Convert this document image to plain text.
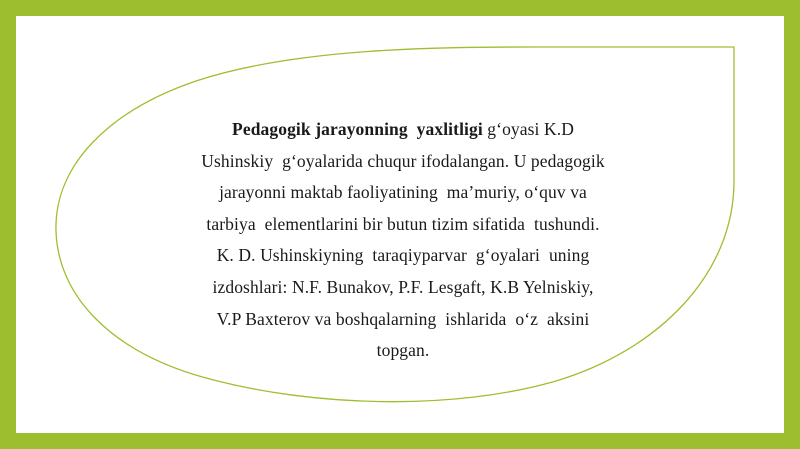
Pedagogik jarayonning  yaxlitligi g‘oyasi K.D
Ushinskiy  g‘oyalarida chuqur ifodalangan. U pedagogik
jarayonni maktab faoliyatining  ma’muriy, o‘quv va
tarbiya  elementlarini bir butun tizim sifatida  tushundi.
K. D. Ushinskiyning  taraqiyparvar  g‘oyalari  uning
izdoshlari: N.F. Bunakov, P.F. Lesgaft, K.B Yelniskiy,
V.P Baxterov va boshqalarning  ishlarida  o‘z  aksini
topgan.
